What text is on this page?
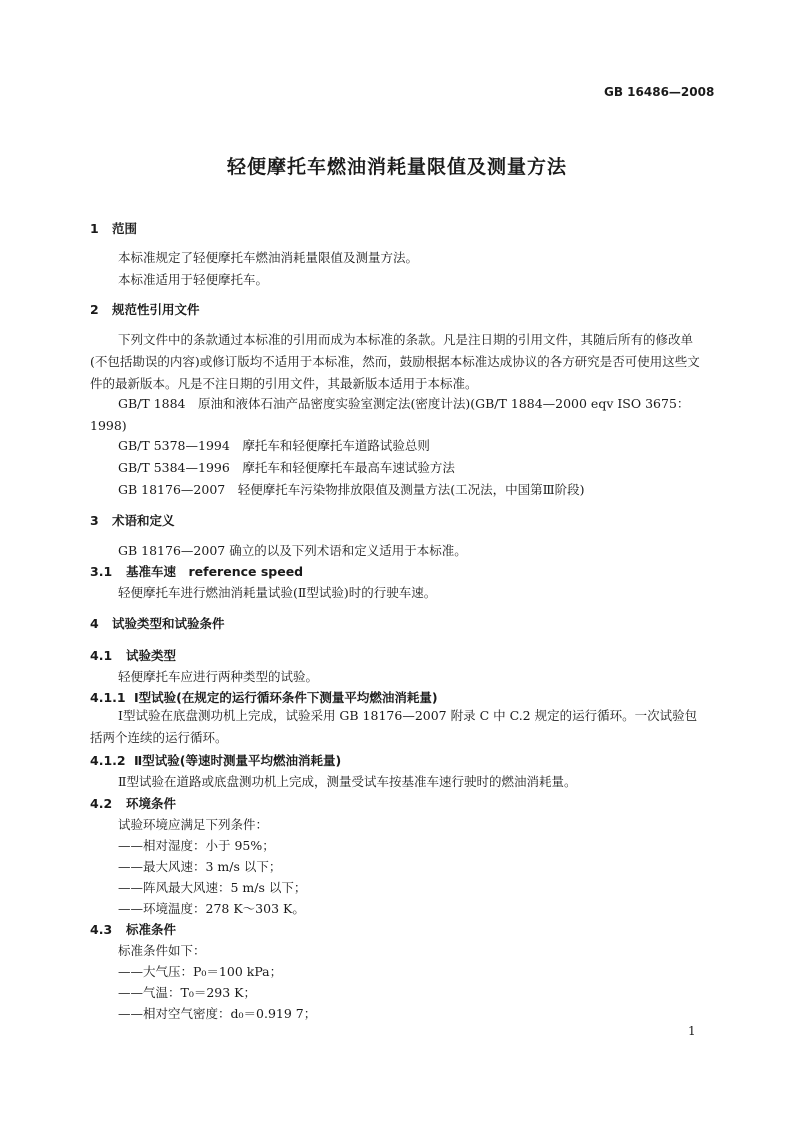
GB 16486—2008
轻便摩托车燃油消耗量限值及测量方法
1 范围
本标准规定了轻便摩托车燃油消耗量限值及测量方法。
本标准适用于轻便摩托车。
2 规范性引用文件
下列文件中的条款通过本标准的引用而成为本标准的条款。凡是注日期的引用文件，其随后所有的修改单(不包括勘误的内容)或修订版均不适用于本标准，然而，鼓励根据本标准达成协议的各方研究是否可使用这些文件的最新版本。凡是不注日期的引用文件，其最新版本适用于本标准。
GB/T 1884　原油和液体石油产品密度实验室测定法(密度计法)(GB/T 1884—2000 eqv ISO 3675：1998)
GB/T 5378—1994　摩托车和轻便摩托车道路试验总则
GB/T 5384—1996　摩托车和轻便摩托车最高车速试验方法
GB 18176—2007　轻便摩托车污染物排放限值及测量方法(工况法，中国第Ⅲ阶段)
3 术语和定义
GB 18176—2007 确立的以及下列术语和定义适用于本标准。
3.1 基准车速　reference speed
轻便摩托车进行燃油消耗量试验(Ⅱ型试验)时的行驶车速。
4 试验类型和试验条件
4.1 试验类型
轻便摩托车应进行两种类型的试验。
4.1.1 Ⅰ型试验(在规定的运行循环条件下测量平均燃油消耗量)
Ⅰ型试验在底盘测功机上完成，试验采用 GB 18176—2007 附录 C 中 C.2 规定的运行循环。一次试验包括两个连续的运行循环。
4.1.2 Ⅱ型试验(等速时测量平均燃油消耗量)
Ⅱ型试验在道路或底盘测功机上完成，测量受试车按基准车速行驶时的燃油消耗量。
4.2 环境条件
试验环境应满足下列条件：
——相对湿度：小于 95%；
——最大风速：3 m/s 以下；
——阵风最大风速：5 m/s 以下；
——环境温度：278 K～303 K。
4.3 标准条件
标准条件如下：
——大气压：P₀＝100 kPa；
——气温：T₀＝293 K；
——相对空气密度：d₀＝0.919 7；
1
